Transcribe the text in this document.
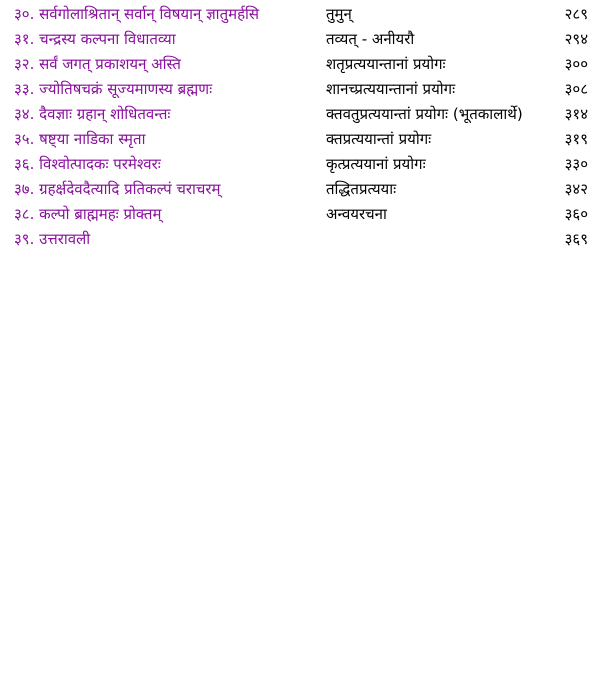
३०. सर्वगोलाश्रितान् सर्वान् विषयान् ज्ञातुमर्हसि	तुमुन्	२८९
३१. चन्द्रस्य कल्पना विधातव्या	तव्यत् - अनीयरौ	२९४
३२. सर्वं जगत् प्रकाशयन् अस्ति	शतृप्रत्ययान्तानां प्रयोगः	३००
३३. ज्योतिषचक्रं सूज्यमाणस्य ब्रह्मणः	शानच्प्रत्ययान्तानां प्रयोगः	३०८
३४. दैवज्ञाः ग्रहान् शोधितवन्तः	क्तवतुप्रत्ययान्तां प्रयोगः (भूतकालार्थे)	३१४
३५. षष्ट्या नाडिका स्मृता	क्तप्रत्ययान्तां प्रयोगः	३१९
३६. विश्वोत्पादकः परमेश्वरः	कृत्प्रत्ययानां प्रयोगः	३३०
३७. ग्रहर्क्षदेवदैत्यादि प्रतिकल्पं चराचरम्	तद्धितप्रत्ययाः	३४२
३८. कल्पो ब्राह्ममहः प्रोक्तम्	अन्वयरचना	३६०
३९. उत्तरावली	३६९
